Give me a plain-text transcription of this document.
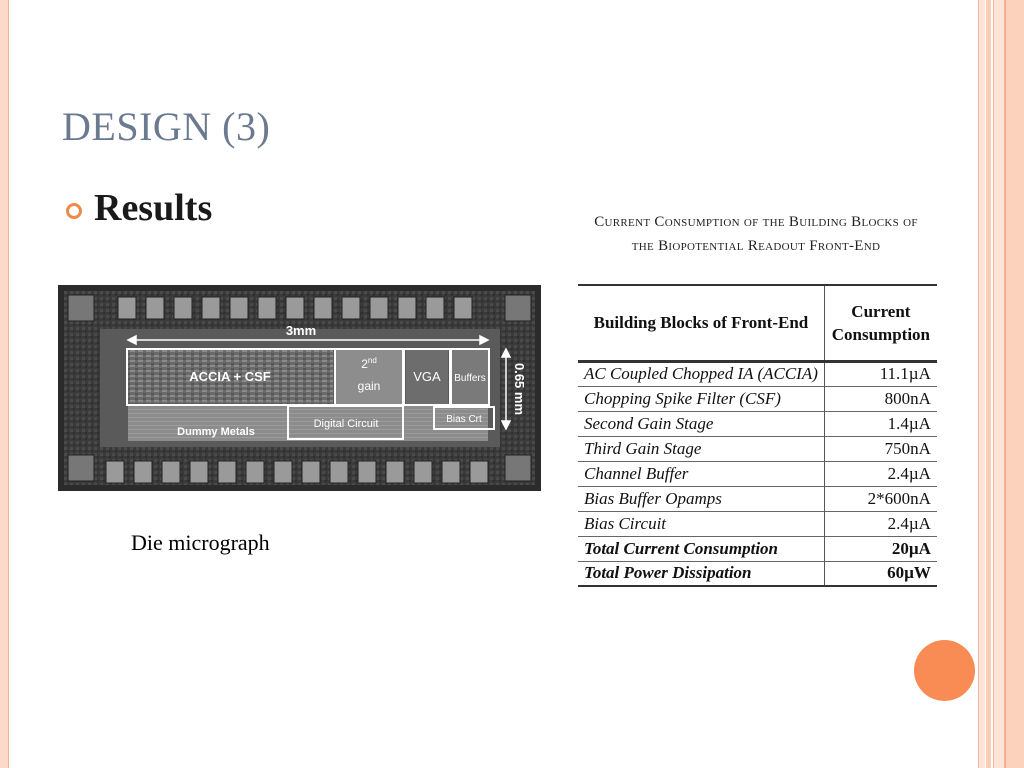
DESIGN (3)
Results
3mm
0.65 mm
ACCIA + CSF
2nd
gain
VGA Buffers
Dummy Metals
Digital Circuit	Bias Crt
Die micrograph
Current Consumption of the Building Blocks of
the Biopotential Readout Front-End
Building Blocks of Front-End	Current Consumption
AC Coupled Chopped IA (ACCIA)	11.1µA
Chopping Spike Filter (CSF)	800nA
Second Gain Stage	1.4µA
Third Gain Stage	750nA
Channel Buffer	2.4µA
Bias Buffer Opamps	2*600nA
Bias Circuit	2.4µA
Total Current Consumption	20µA
Total Power Dissipation	60µW
